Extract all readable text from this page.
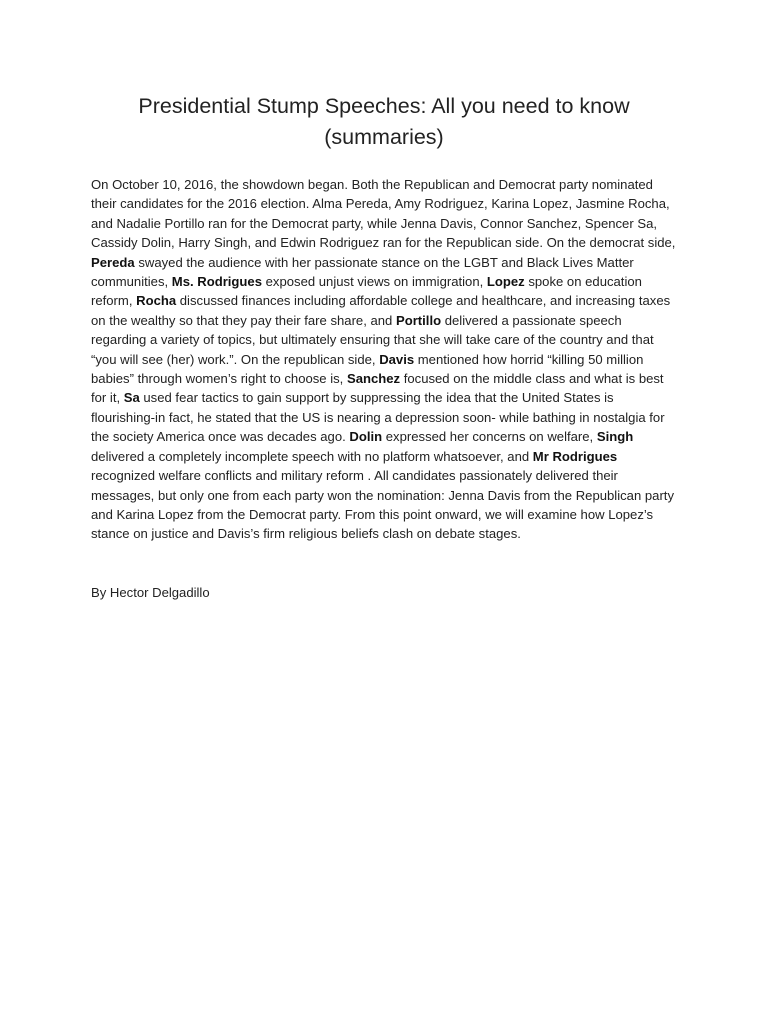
Presidential Stump Speeches: All you need to know (summaries)

On October 10, 2016, the showdown began. Both the Republican and Democrat party nominated their candidates for the 2016 election. Alma Pereda, Amy Rodriguez, Karina Lopez, Jasmine Rocha, and Nadalie Portillo ran for the Democrat party, while Jenna Davis, Connor Sanchez, Spencer Sa, Cassidy Dolin, Harry Singh, and Edwin Rodriguez ran for the Republican side. On the democrat side, Pereda swayed the audience with her passionate stance on the LGBT and Black Lives Matter communities, Ms. Rodrigues exposed unjust views on immigration, Lopez spoke on education reform, Rocha discussed finances including affordable college and healthcare, and increasing taxes on the wealthy so that they pay their fare share, and Portillo delivered a passionate speech regarding a variety of topics, but ultimately ensuring that she will take care of the country and that “you will see (her) work.”. On the republican side, Davis mentioned how horrid “killing 50 million babies” through women’s right to choose is, Sanchez focused on the middle class and what is best for it, Sa used fear tactics to gain support by suppressing the idea that the United States is flourishing-in fact, he stated that the US is nearing a depression soon- while bathing in nostalgia for the society America once was decades ago. Dolin expressed her concerns on welfare, Singh delivered a completely incomplete speech with no platform whatsoever, and Mr Rodrigues recognized welfare conflicts and military reform . All candidates passionately delivered their messages, but only one from each party won the nomination: Jenna Davis from the Republican party and Karina Lopez from the Democrat party. From this point onward, we will examine how Lopez’s stance on justice and Davis’s firm religious beliefs clash on debate stages.

By Hector Delgadillo
